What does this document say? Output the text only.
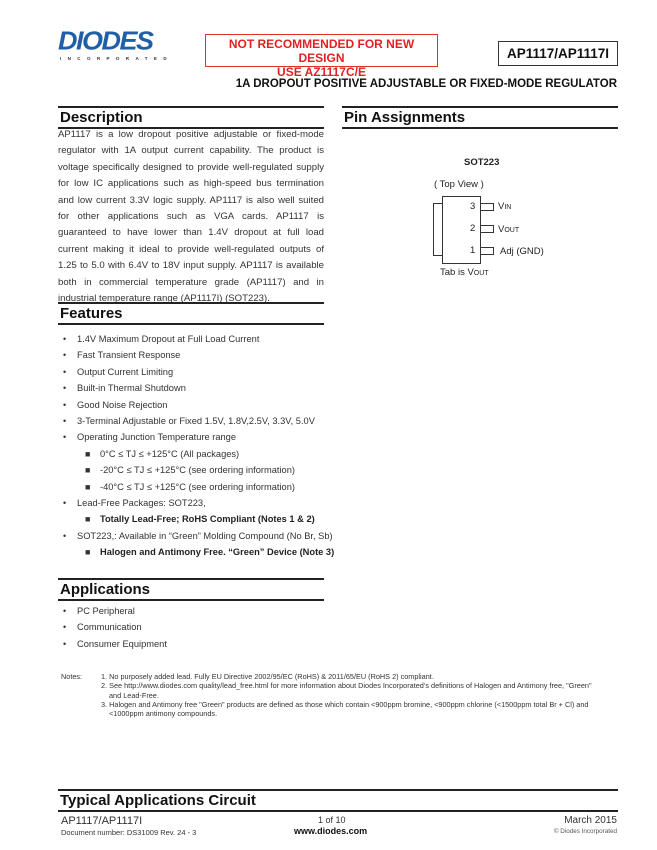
DIODES
INCORPORATED
NOT RECOMMENDED FOR NEW DESIGN
USE AZ1117C/E
AP1117/AP1117I
1A DROPOUT POSITIVE ADJUSTABLE OR FIXED-MODE REGULATOR
Description
AP1117 is a low dropout positive adjustable or fixed-mode regulator with 1A output current capability. The product is voltage specifically designed to provide well-regulated supply for low IC applications such as high-speed bus termination and low current 3.3V logic supply. AP1117 is also well suited for other applications such as VGA cards. AP1117 is guaranteed to have lower than 1.4V dropout at full load current making it ideal to provide well-regulated outputs of 1.25 to 5.0 with 6.4V to 18V input supply. AP1117 is available both in commercial temperature grade (AP1117) and in industrial temperature range (AP1117I) (SOT223).
Pin Assignments
SOT223
( Top View )
3 VIN
2 VOUT
1	Adj (GND)
Tab is VOUT
Features
• 1.4V Maximum Dropout at Full Load Current
• Fast Transient Response
• Output Current Limiting
• Built-in Thermal Shutdown
• Good Noise Rejection
• 3-Terminal Adjustable or Fixed 1.5V, 1.8V,2.5V, 3.3V, 5.0V
• Operating Junction Temperature range
■ 0°C ≤ TJ ≤ +125°C (All packages)
■ -20°C ≤ TJ ≤ +125°C (see ordering information)
■ -40°C ≤ TJ ≤ +125°C (see ordering information)
• Lead-Free Packages: SOT223,
■ Totally Lead-Free; RoHS Compliant (Notes 1 & 2)
• SOT223,: Available in “Green” Molding Compound (No Br, Sb)
■ Halogen and Antimony Free. “Green” Device (Note 3)
Applications
• PC Peripheral
• Communication
• Consumer Equipment
Notes:	1. No purposely added lead. Fully EU Directive 2002/95/EC (RoHS) & 2011/65/EU (RoHS 2) compliant.
2. See http://www.diodes.com quality/lead_free.html for more information about Diodes Incorporated’s definitions of Halogen and Antimony free, "Green"
and Lead-Free.
3. Halogen and Antimony free "Green" products are defined as those which contain <900ppm bromine, <900ppm chlorine (<1500ppm total Br + Cl) and
<1000ppm antimony compounds.
Typical Applications Circuit
AP1117/AP1117I
Document number: DS31009 Rev. 24 - 3
1 of 10
www.diodes.com
March 2015
© Diodes Incorporated
